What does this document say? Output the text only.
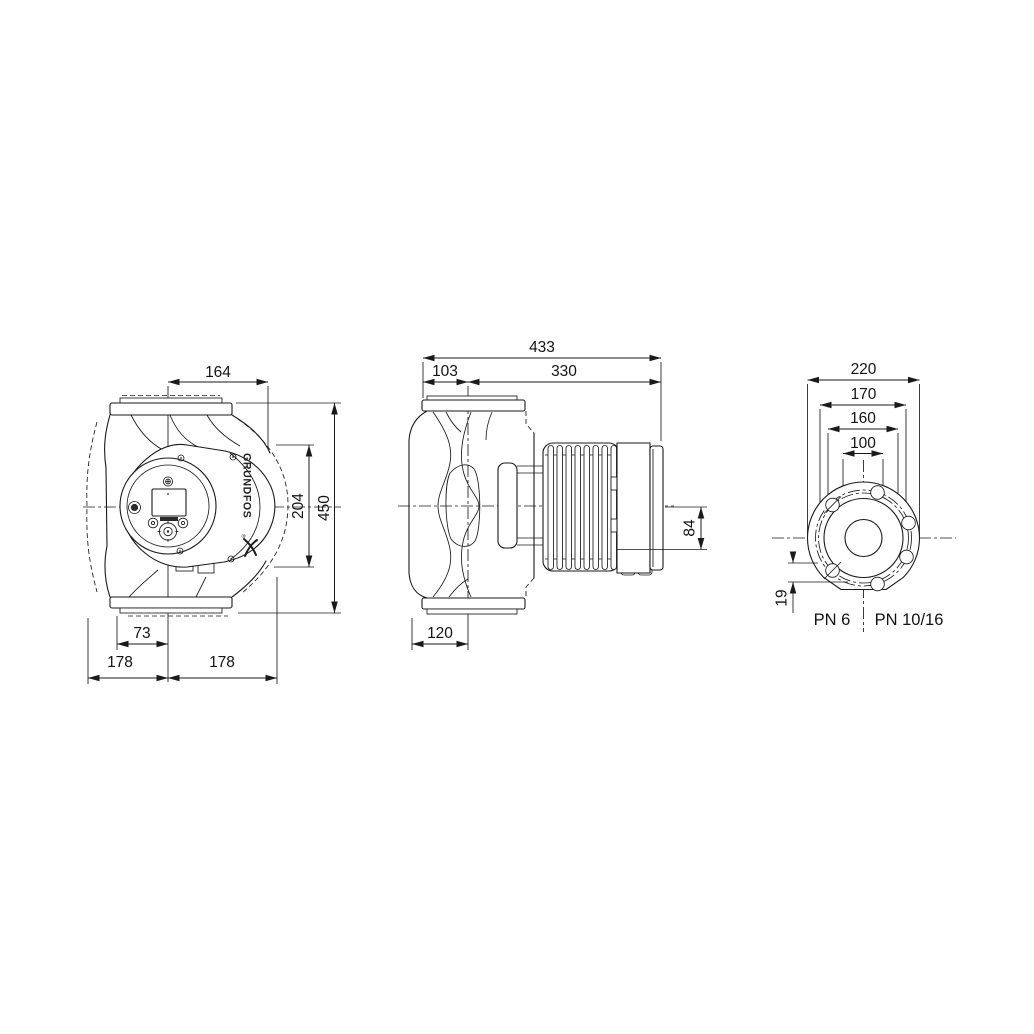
GRUNDFOS
®
164
450
204
73
178	178
433
103	330
84
120
220
170
160
100
19
PN 6 PN 10/16
